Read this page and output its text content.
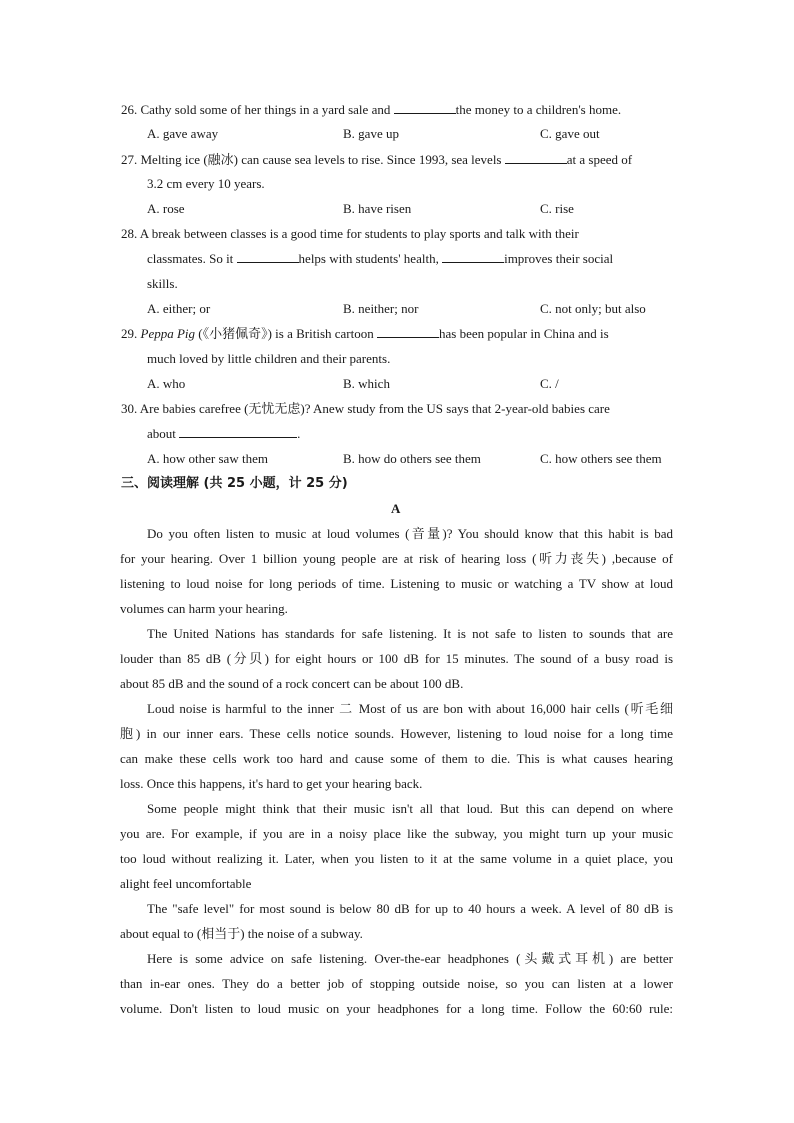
26. Cathy sold some of her things in a yard sale and	the money to a children's home.
A. gave away	B. gave up	C. gave out
27. Melting ice (融冰) can cause sea levels to rise. Since 1993, sea levels	at a speed of
3.2 cm every 10 years.
A. rose	B. have risen	C. rise
28. A break between classes is a good time for students to play sports and talk with their
classmates. So it	helps with students' health,	improves their social
skills.
A. either; or	B. neither; nor	C. not only; but also
29. Peppa Pig (《小猪佩奇》) is a British cartoon	has been popular in China and is
much loved by little children and their parents.
A. who	B. which	C. /
30. Are babies carefree (无忧无虑)? Anew study from the US says that 2-year-old babies care
about	.
A. how other saw them	B. how do others see them	C. how others see them
三、阅读理解 (共 25 小题，计 25 分)
A
Do you often listen to music at loud volumes (音量)? You should know that this habit is bad
for your hearing. Over 1 billion young people are at risk of hearing loss (听力丧失) ,because of
listening to loud noise for long periods of time. Listening to music or watching a TV show at loud
volumes can harm your hearing.
The United Nations has standards for safe listening. It is not safe to listen to sounds that are
louder than 85 dB (分贝) for eight hours or 100 dB for 15 minutes. The sound of a busy road is
about 85 dB and the sound of a rock concert can be about 100 dB.
Loud noise is harmful to the inner 二 Most of us are bon with about 16,000 hair cells (听毛细
胞) in our inner ears. These cells notice sounds. However, listening to loud noise for a long time
can make these cells work too hard and cause some of them to die. This is what causes hearing
loss. Once this happens, it's hard to get your hearing back.
Some people might think that their music isn't all that loud. But this can depend on where
you are. For example, if you are in a noisy place like the subway, you might turn up your music
too loud without realizing it. Later, when you listen to it at the same volume in a quiet place, you
alight feel uncomfortable
The "safe level" for most sound is below 80 dB for up to 40 hours a week. A level of 80 dB is
about equal to (相当于) the noise of a subway.
Here is some advice on safe listening. Over-the-ear headphones (头戴式耳机) are better
than in-ear ones. They do a better job of stopping outside noise, so you can listen at a lower
volume. Don't listen to loud music on your headphones for a long time. Follow the 60:60 rule:
